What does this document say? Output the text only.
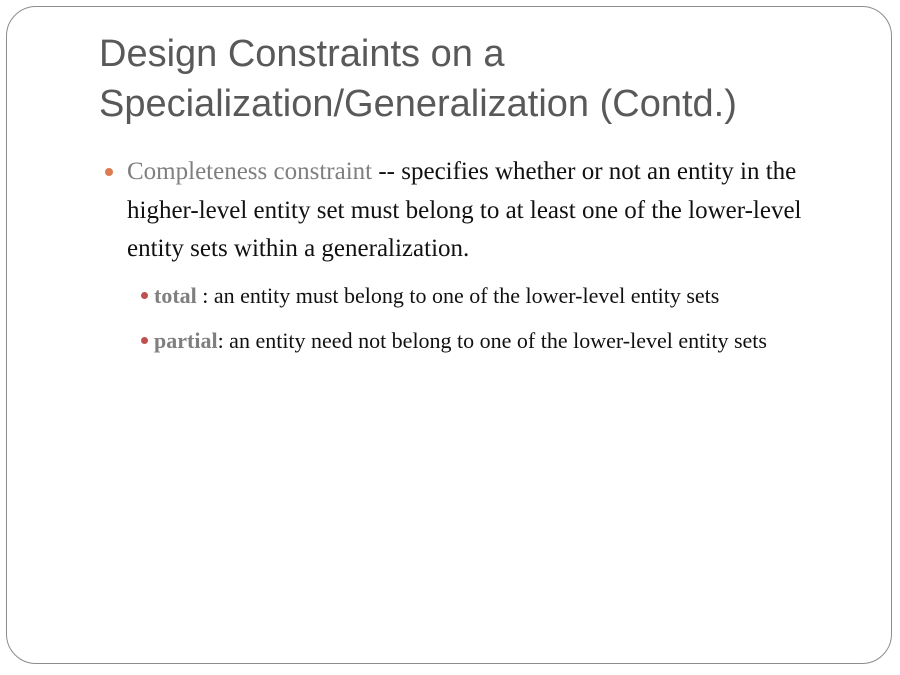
Design Constraints on a Specialization/Generalization (Contd.)
Completeness constraint -- specifies whether or not an entity in the higher-level entity set must belong to at least one of the lower-level entity sets within a generalization.
total : an entity must belong to one of the lower-level entity sets
partial: an entity need not belong to one of the lower-level entity sets
